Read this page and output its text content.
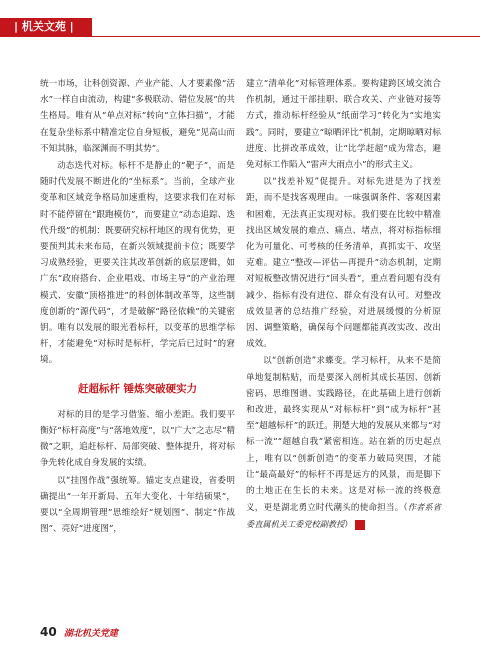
| 机关文苑 |

统一市场，让科创资源、产业产能、人才要素像“活水”一样自由流动，构建“多极联动、错位发展”的共生格局。唯有从“单点对标”转向“立体扫描”，才能在复杂坐标系中精准定位自身短板，避免“见高山而不知其脉，临深渊而不明其势”。

动态迭代对标。标杆不是静止的“靶子”，而是随时代发展不断进化的“坐标系”。当前，全球产业变革和区域竞争格局加速重构，这要求我们在对标时不能停留在“跟跑模仿”，而要建立“动态追踪、迭代升级”的机制：既要研究标杆地区的现有优势，更要预判其未来布局，在新兴领域提前卡位；既要学习成熟经验，更要关注其改革创新的底层逻辑，如广东“政府搭台、企业唱戏、市场主导”的产业治理模式、安徽“顶格推进”的科创体制改革等，这些制度创新的“源代码”，才是破解“路径依赖”的关键密钥。唯有以发展的眼光看标杆，以变革的思维学标杆，才能避免“对标时是标杆，学完后已过时”的窘境。

赶超标杆 锤炼突破硬实力

对标的目的是学习借鉴、缩小差距。我们要平衡好“标杆高度”与“落地效度”，以“广大”之志尽“精微”之职，追赶标杆、局部突破、整体提升，将对标争先转化成自身发展的实绩。

以“挂图作战”强统筹。锚定支点建设，省委明确提出“一年开新局、五年大变化、十年结硕果”，要以“全周期管理”思维绘好“规划图”、制定“作战图”、亮好“进度图”，

建立“清单化”对标管理体系。要构建跨区域交流合作机制，通过干部挂职、联合攻关、产业链对接等方式，推动标杆经验从“纸面学习”转化为“实地实践”。同时，要建立“晾晒评比”机制，定期晾晒对标进度、比拼改革成效，让“比学赶超”成为常态，避免对标工作陷入“雷声大雨点小”的形式主义。

以“找差补短”促提升。对标先进是为了找差距，而不是找客观理由。一味强调条件、客观因素和困难，无法真正实现对标。我们要在比较中精准找出区域发展的难点、痛点、堵点，将对标指标细化为可量化、可考核的任务清单，真抓实干、攻坚克难。建立“整改—评估—再提升”动态机制，定期对短板整改情况进行“回头看”，重点看问题有没有减少、指标有没有进位、群众有没有认可。对整改成效显著的总结推广经验，对进展缓慢的分析原因、调整策略，确保每个问题都能真改实改、改出成效。

以“创新创造”求蝶变。学习标杆，从来不是简单地复制粘贴，而是要深入剖析其成长基因、创新密码、思维图谱、实践路径，在此基础上进行创新和改进，最终实现从“对标标杆”到“成为标杆”甚至“超越标杆”的跃迁。荆楚大地的发展从来都与“对标一流”“超越自我”紧密相连。站在新的历史起点上，唯有以“创新创造”的变革力破局突围，才能让“最高最好”的标杆不再是远方的风景，而是脚下的土地正在生长的未来。这是对标一流的终极意义，更是湖北勇立时代潮头的使命担当。（作者系省委直属机关工委党校副教授）	党建

40 湖北机关党建
